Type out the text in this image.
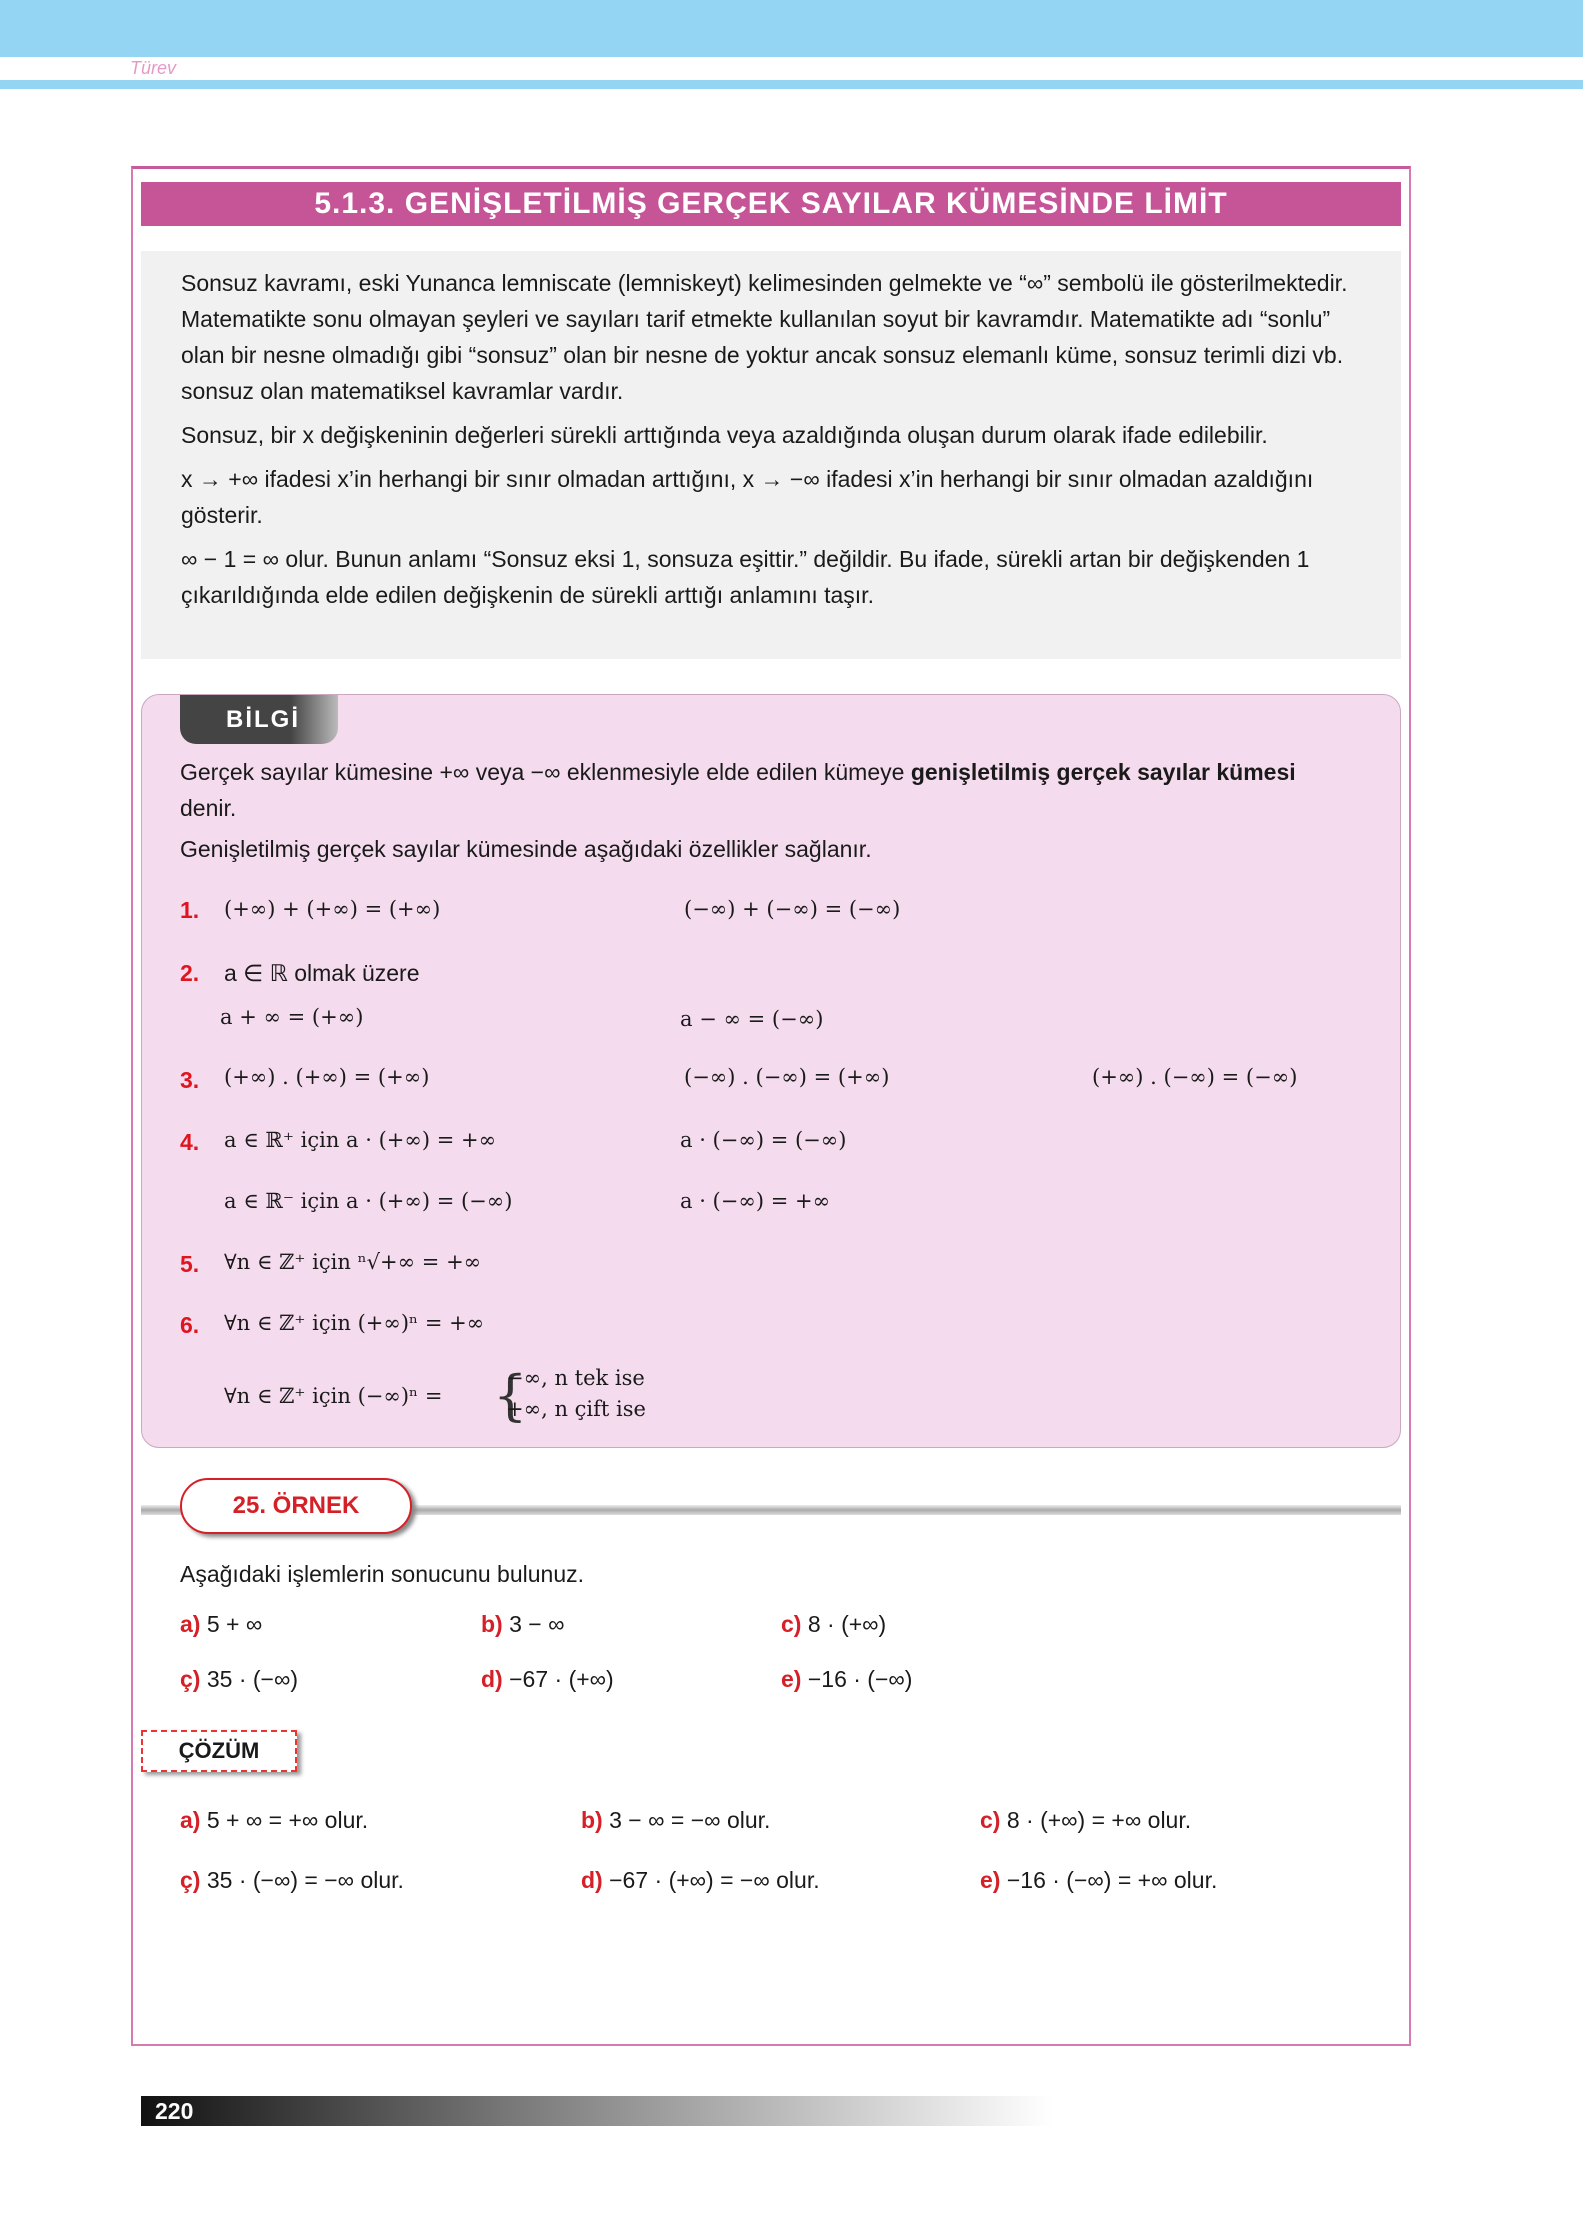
Türev
5.1.3. GENİŞLETİLMİŞ GERÇEK SAYILAR KÜMESİNDE LİMİT

Sonsuz kavramı, eski Yunanca lemniscate (lemniskeyt) kelimesinden gelmekte ve “∞” sembolü ile gösterilmektedir. Matematikte sonu olmayan şeyleri ve sayıları tarif etmekte kullanılan soyut bir kavramdır. Matematikte adı “sonlu” olan bir nesne olmadığı gibi “sonsuz” olan bir nesne de yoktur ancak sonsuz elemanlı küme, sonsuz terimli dizi vb. sonsuz olan matematiksel kavramlar vardır.

Sonsuz, bir x değişkeninin değerleri sürekli arttığında veya azaldığında oluşan durum olarak ifade edilebilir.

x → +∞ ifadesi x’in herhangi bir sınır olmadan arttığını, x → −∞ ifadesi x’in herhangi bir sınır olmadan azaldığını gösterir.

∞ − 1 = ∞ olur. Bunun anlamı “Sonsuz eksi 1, sonsuza eşittir.” değildir. Bu ifade, sürekli artan bir değişkenden 1 çıkarıldığında elde edilen değişkenin de sürekli arttığı anlamını taşır.

BİLGİ
Gerçek sayılar kümesine +∞ veya −∞ eklenmesiyle elde edilen kümeye genişletilmiş gerçek sayılar kümesi
denir.
Genişletilmiş gerçek sayılar kümesinde aşağıdaki özellikler sağlanır.
1. (+∞) + (+∞) = (+∞)	(−∞) + (−∞) = (−∞)
2. a ∈ ℝ olmak üzere
a + ∞ = (+∞)	a − ∞ = (−∞)
3. (+∞) . (+∞) = (+∞)	(−∞) . (−∞) = (+∞)	(+∞) . (−∞) = (−∞)
4. a ∈ ℝ⁺ için a · (+∞) = +∞	a · (−∞) = (−∞)
a ∈ ℝ⁻ için a · (+∞) = (−∞)	a · (−∞) = +∞
5. ∀n ∈ ℤ⁺ için ⁿ√+∞ = +∞
6. ∀n ∈ ℤ⁺ için (+∞)ⁿ = +∞
∀n ∈ ℤ⁺ için (−∞)ⁿ = {
−∞, n tek ise
+∞, n çift ise
25. ÖRNEK
Aşağıdaki işlemlerin sonucunu bulunuz.
a) 5 + ∞	b) 3 − ∞	c) 8 · (+∞)
ç) 35 · (−∞)	d) −67 · (+∞)	e) −16 · (−∞)
ÇÖZÜM
a) 5 + ∞ = +∞ olur.	b) 3 − ∞ = −∞ olur.	c) 8 · (+∞) = +∞ olur.
ç) 35 · (−∞) = −∞ olur.	d) −67 · (+∞) = −∞ olur.	e) −16 · (−∞) = +∞ olur.
220
